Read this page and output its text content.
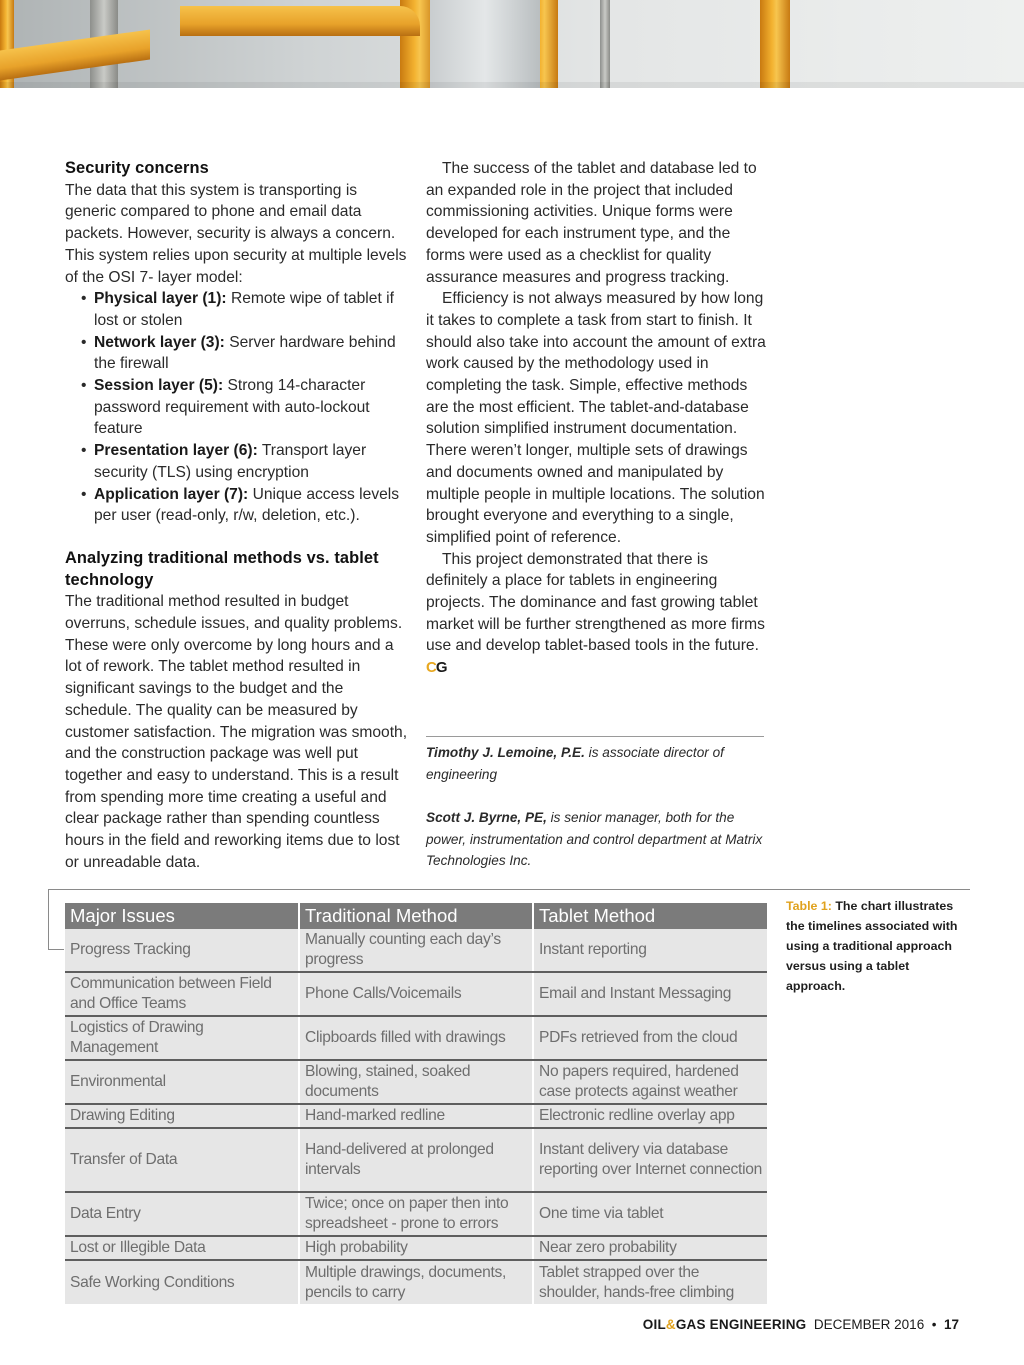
Security concerns

The data that this system is transporting is generic compared to phone and email data packets. However, security is always a concern. This system relies upon security at multiple levels of the OSI 7- layer model:

• Physical layer (1): Remote wipe of tablet if lost or stolen
• Network layer (3): Server hardware behind the firewall
• Session layer (5): Strong 14-character password requirement with auto-lockout feature
• Presentation layer (6): Transport layer security (TLS) using encryption
• Application layer (7): Unique access levels per user (read-only, r/w, deletion, etc.).

Analyzing traditional methods vs. tablet technology

The traditional method resulted in budget overruns, schedule issues, and quality problems. These were only overcome by long hours and a lot of rework. The tablet method resulted in significant savings to the budget and the schedule. The quality can be measured by customer satisfaction. The migration was smooth, and the construction package was well put together and easy to understand. This is a result from spending more time creating a useful and clear package rather than spending countless hours in the field and reworking items due to lost or unreadable data.

The success of the tablet and database led to an expanded role in the project that included commissioning activities. Unique forms were developed for each instrument type, and the forms were used as a checklist for quality assurance measures and progress tracking.

Efficiency is not always measured by how long it takes to complete a task from start to finish. It should also take into account the amount of extra work caused by the methodology used in completing the task. Simple, effective methods are the most efficient. The tablet-and-database solution simplified instrument documentation. There weren’t longer, multiple sets of drawings and documents owned and manipulated by multiple people in multiple locations. The solution brought everyone and everything to a single, simplified point of reference.

This project demonstrated that there is definitely a place for tablets in engineering projects. The dominance and fast growing tablet market will be further strengthened as more firms use and develop tablet-based tools in the future. CG

Timothy J. Lemoine, P.E. is associate director of engineering

Scott J. Byrne, PE, is senior manager, both for the power, instrumentation and control department at Matrix Technologies Inc.

Major Issues	Traditional Method	Tablet Method
Progress Tracking	Manually counting each day’s progress	Instant reporting
Communication between Field and Office Teams	Phone Calls/Voicemails	Email and Instant Messaging
Logistics of Drawing Management	Clipboards filled with drawings	PDFs retrieved from the cloud
Environmental	Blowing, stained, soaked documents	No papers required, hardened case protects against weather
Drawing Editing	Hand-marked redline	Electronic redline overlay app
Transfer of Data	Hand-delivered at prolonged intervals	Instant delivery via database reporting over Internet connection
Data Entry	Twice; once on paper then into spreadsheet - prone to errors	One time via tablet
Lost or Illegible Data	High probability	Near zero probability
Safe Working Conditions	Multiple drawings, documents, pencils to carry	Tablet strapped over the shoulder, hands-free climbing
Table 1: The chart illustrates the timelines associated with using a traditional approach versus using a tablet approach.
OIL&GAS ENGINEERING DECEMBER 2016 • 17
